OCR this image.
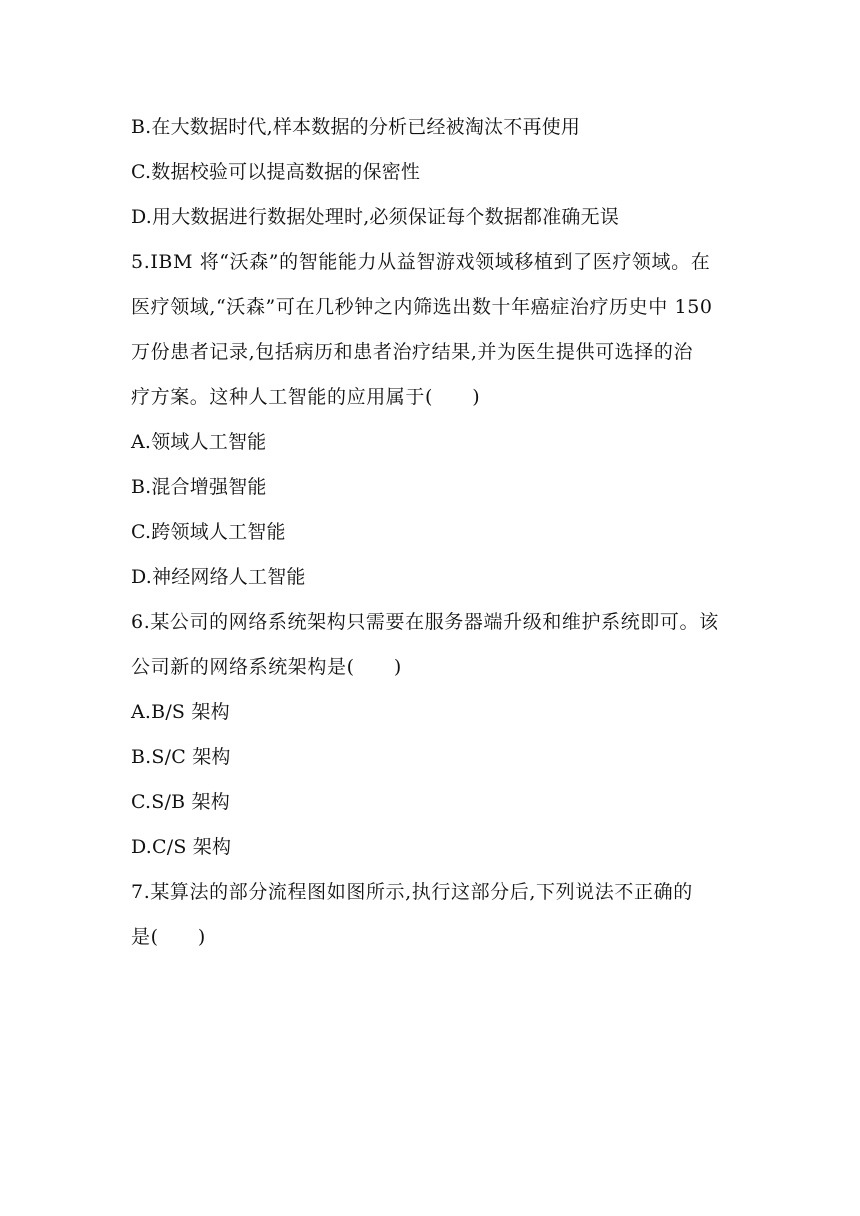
B.在大数据时代,样本数据的分析已经被淘汰不再使用
C.数据校验可以提高数据的保密性
D.用大数据进行数据处理时,必须保证每个数据都准确无误
5.IBM 将“沃森”的智能能力从益智游戏领域移植到了医疗领域。在
医疗领域,“沃森”可在几秒钟之内筛选出数十年癌症治疗历史中 150
万份患者记录,包括病历和患者治疗结果,并为医生提供可选择的治
疗方案。这种人工智能的应用属于(　　)
A.领域人工智能
B.混合增强智能
C.跨领域人工智能
D.神经网络人工智能
6.某公司的网络系统架构只需要在服务器端升级和维护系统即可。该
公司新的网络系统架构是(　　)
A.B/S 架构
B.S/C 架构
C.S/B 架构
D.C/S 架构
7.某算法的部分流程图如图所示,执行这部分后,下列说法不正确的
是(　　)
